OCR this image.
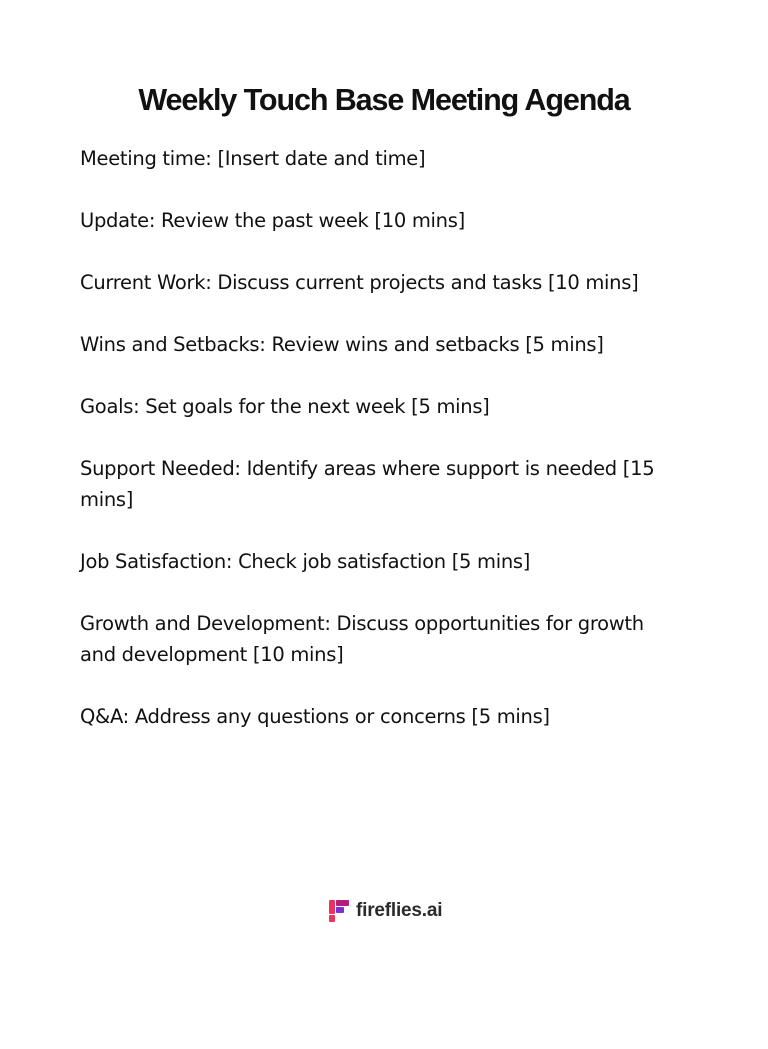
Weekly Touch Base Meeting Agenda
Meeting time: [Insert date and time]
Update: Review the past week [10 mins]
Current Work: Discuss current projects and tasks [10 mins]
Wins and Setbacks: Review wins and setbacks [5 mins]
Goals: Set goals for the next week [5 mins]
Support Needed: Identify areas where support is needed [15 mins]
Job Satisfaction: Check job satisfaction [5 mins]
Growth and Development: Discuss opportunities for growth and development [10 mins]
Q&A: Address any questions or concerns [5 mins]
fireflies.ai
